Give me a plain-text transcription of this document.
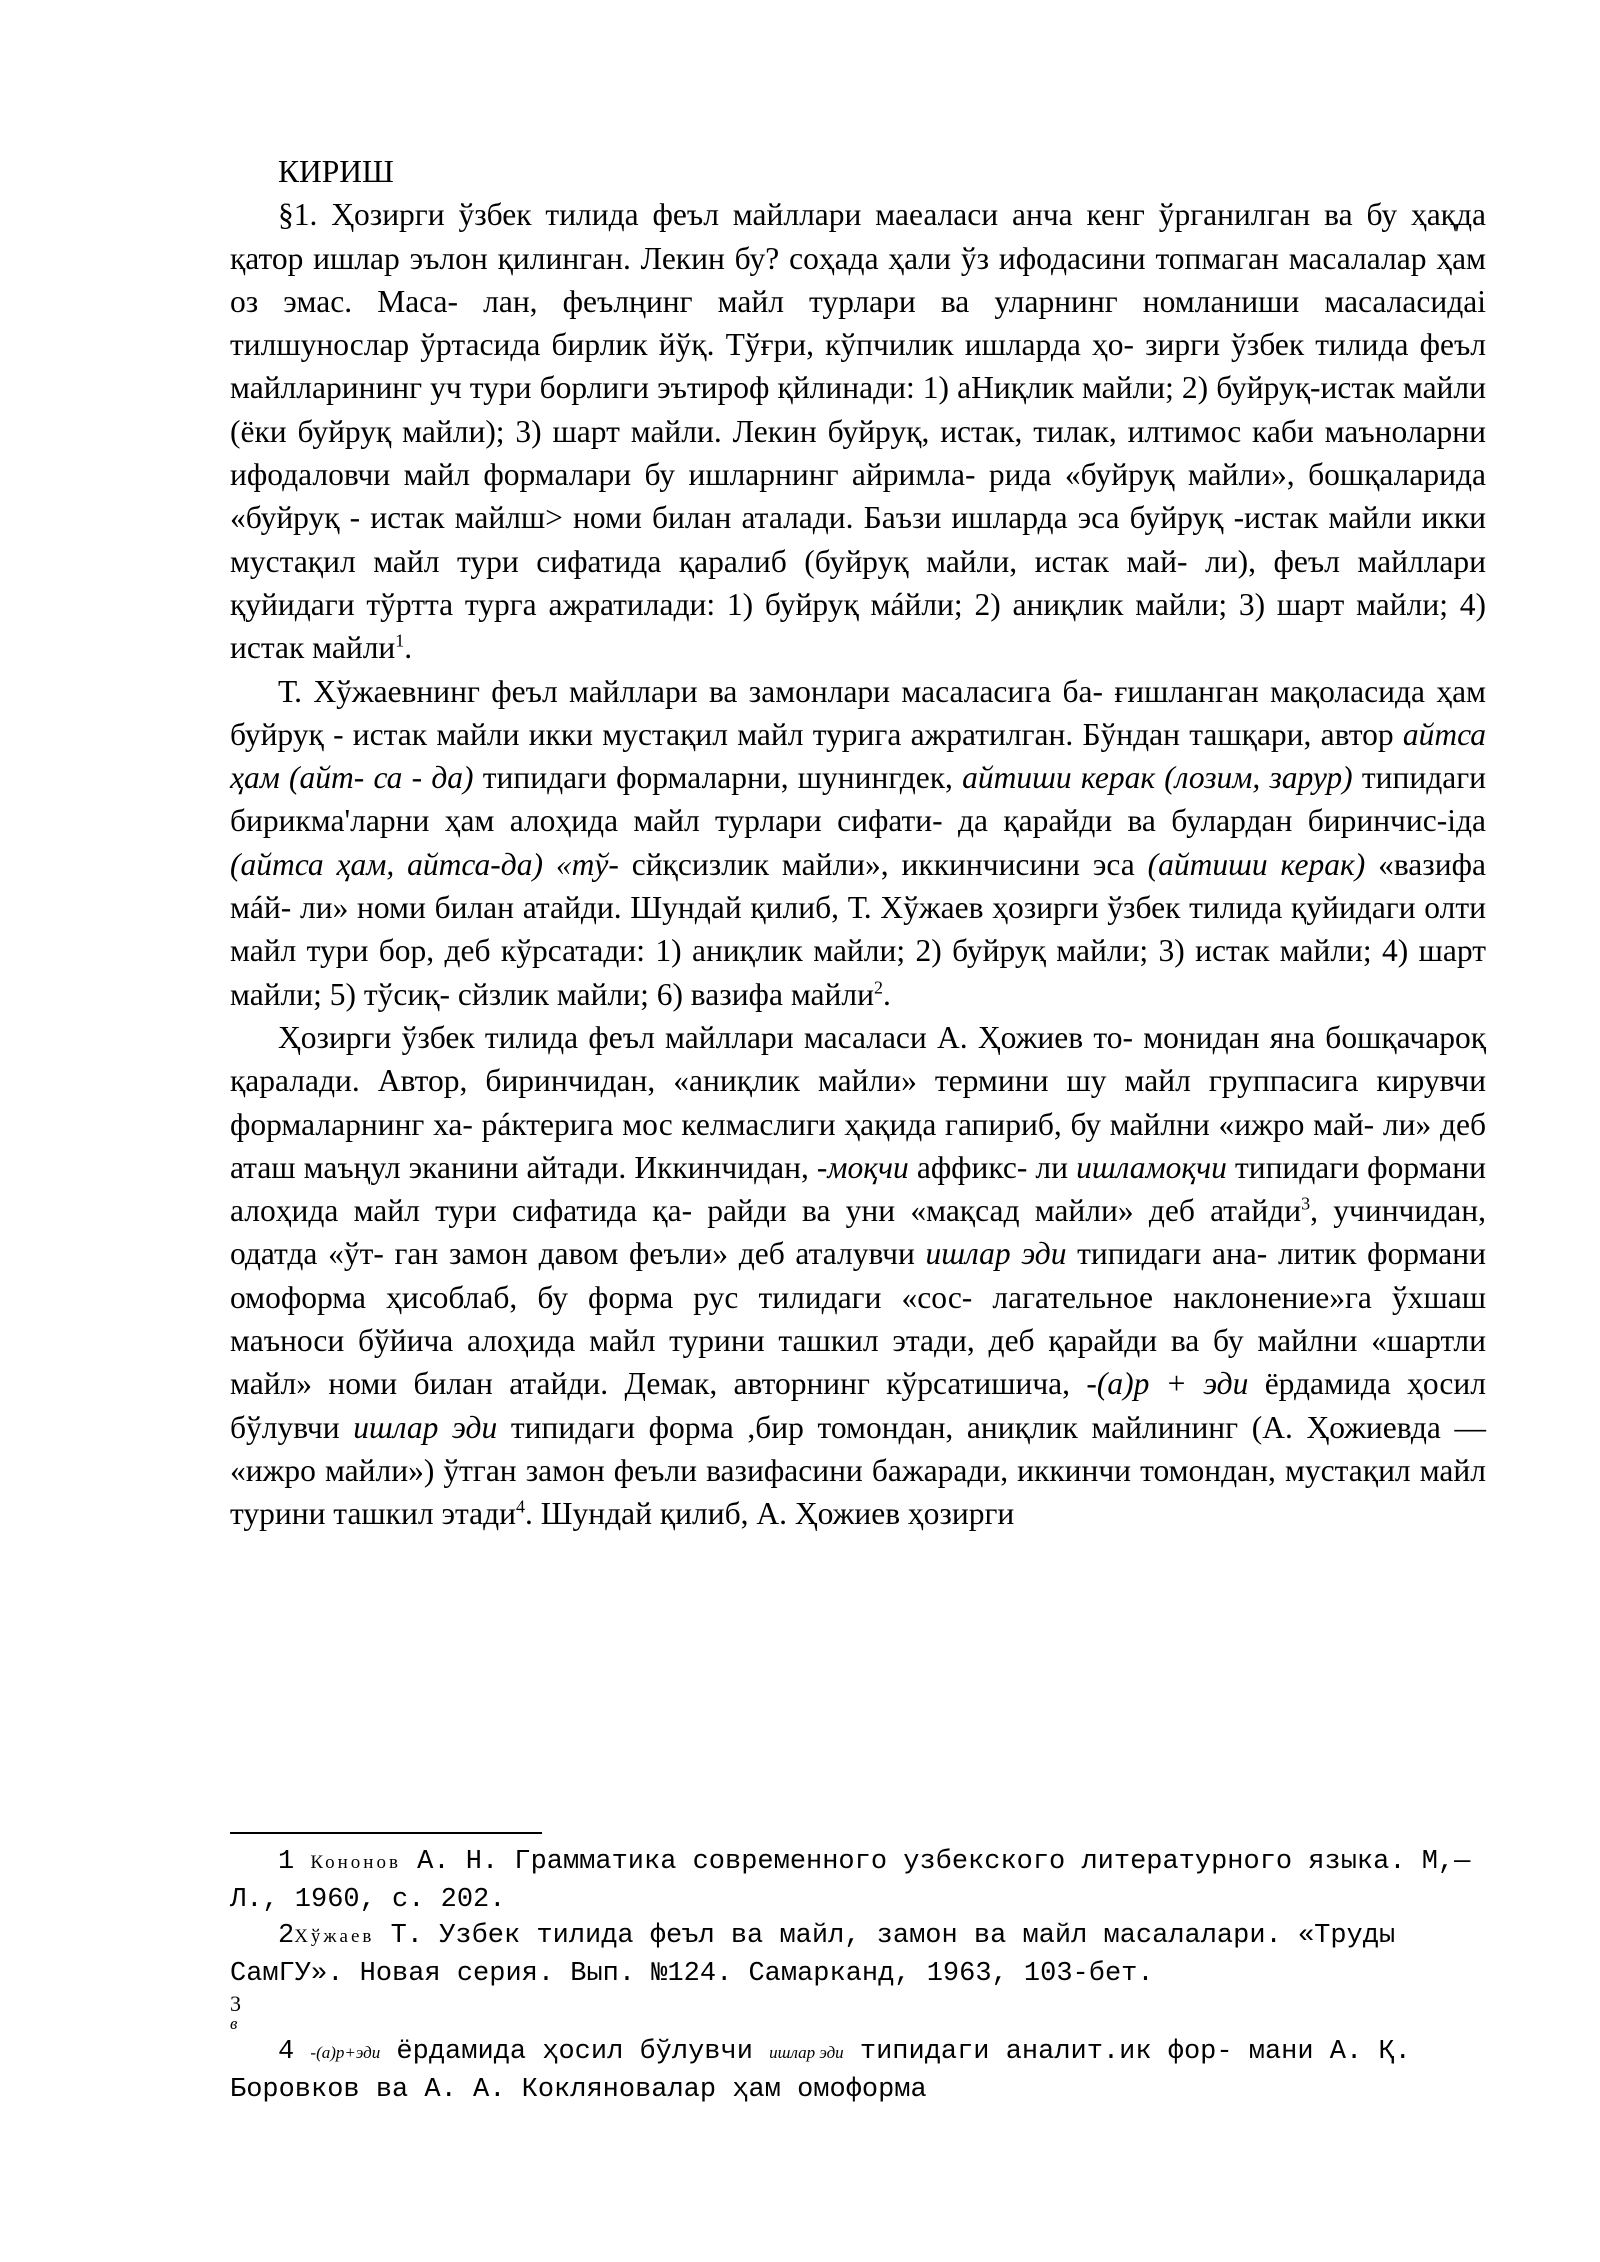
КИРИШ

§1. Ҳозирги ўзбек тилида феъл майллари маеаласи анча кенг ўрганилган ва бу ҳақда қатор ишлар эълон қилинган. Лекин бу? соҳада ҳали ўз ифодасини топмаган масалалар ҳам оз эмас. Маса- лан, феълңинг майл турлари ва уларнинг номланиши масаласидаі тилшунослар ўртасида бирлик йўқ. Тўғри, кўпчилик ишларда ҳо- зирги ўзбек тилида феъл майлларининг уч тури борлиги эътироф қйлинади: 1) аНиқлик майли; 2) буйруқ-истак майли (ёки буйруқ майли); 3) шарт майли. Лекин буйруқ, истак, тилак, илтимос каби маъноларни ифодаловчи майл формалари бу ишларнинг айримла- рида «буйруқ майли», бошқаларида «буйруқ - истак майлш> номи билан аталади. Баъзи ишларда эса буйруқ -истак майли икки мустақил майл тури сифатида қаралиб (буйруқ майли, истак май- ли), феъл майллари қуйидаги тўртта турга ажратилади: 1) буйруқ мáйли; 2) аниқлик майли; 3) шарт майли; 4) истак майли$^1$.

Т. Хўжаевнинг феъл майллари ва замонлари масаласига ба- ғишланган мақоласида ҳам буйруқ - истак майли икки мустақил майл турига ажратилган. Бўндан ташқари, автор айтса ҳам (айт- са - да) типидаги формаларни, шунингдек, айтиши керак (лозим, зарур) типидаги бирикма'ларни ҳам алоҳида майл турлари сифати- да қарайди ва булардан биринчис-іда (айтса ҳам, айтса-да) «тў- сйқсизлик майли», иккинчисини эса (айтиши керак) «вазифа мáй- ли» номи билан атайди. Шундай қилиб, Т. Хўжаев ҳозирги ўзбек тилида қуйидаги олти майл тури бор, деб кўрсатади: 1) аниқлик майли; 2) буйруқ майли; 3) истак майли; 4) шарт майли; 5) тўсиқ- сйзлик майли; 6) вазифа майли$^2$.

Ҳозирги ўзбек тилида феъл майллари масаласи А. Ҳожиев то- монидан яна бошқачароқ қаралади. Автор, биринчидан, «аниқлик майли» термини шу майл группасига кирувчи формаларнинг ха- рáктерига мос келмаслиги ҳақида гапириб, бу майлни «ижро май- ли» деб аташ маъңул эканини айтади. Иккинчидан, -моқчи аффикс- ли ишламоқчи типидаги формани алоҳида майл тури сифатида қа- райди ва уни «мақсад майли» деб атайди$^3$, учинчидан, одатда «ўт- ган замон давом феъли» деб аталувчи ишлар эди типидаги ана- литик формани омоформа ҳисоблаб, бу форма рус тилидаги «сос- лагательное наклонение»га ўхшаш маъноси бўйича алоҳида майл турини ташкил этади, деб қарайди ва бу майлни «шартли майл» номи билан атайди. Демак, авторнинг кўрсатишича, -(а)р + эди ёрдамида ҳосил бўлувчи ишлар эди типидаги форма ,бир томондан, аниқлик майлининг (А. Ҳожиевда — «ижро майли») ўтган замон феъли вазифасини бажаради, иккинчи томондан, мустақил майл турини ташкил этади$^4$. Шундай қилиб, А. Ҳожиев ҳозирги

1 Кононов А. Н. Грамматика современного узбекского литературного языка. М,—Л., 1960, с. 202.

2Хўжаев Т. Узбек тилида феъл ва майл, замон ва майл масалалари. «Труды СамГУ». Новая серия. Вып. №124. Самарканд, 1963, 103-бет.

3
в

4 -(а)р+эди ёрдамида ҳосил бўлувчи ишлар эди типидаги аналит.ик фор- мани А. Қ. Боровков ва А. А. Кокляновалар ҳам омоформа
